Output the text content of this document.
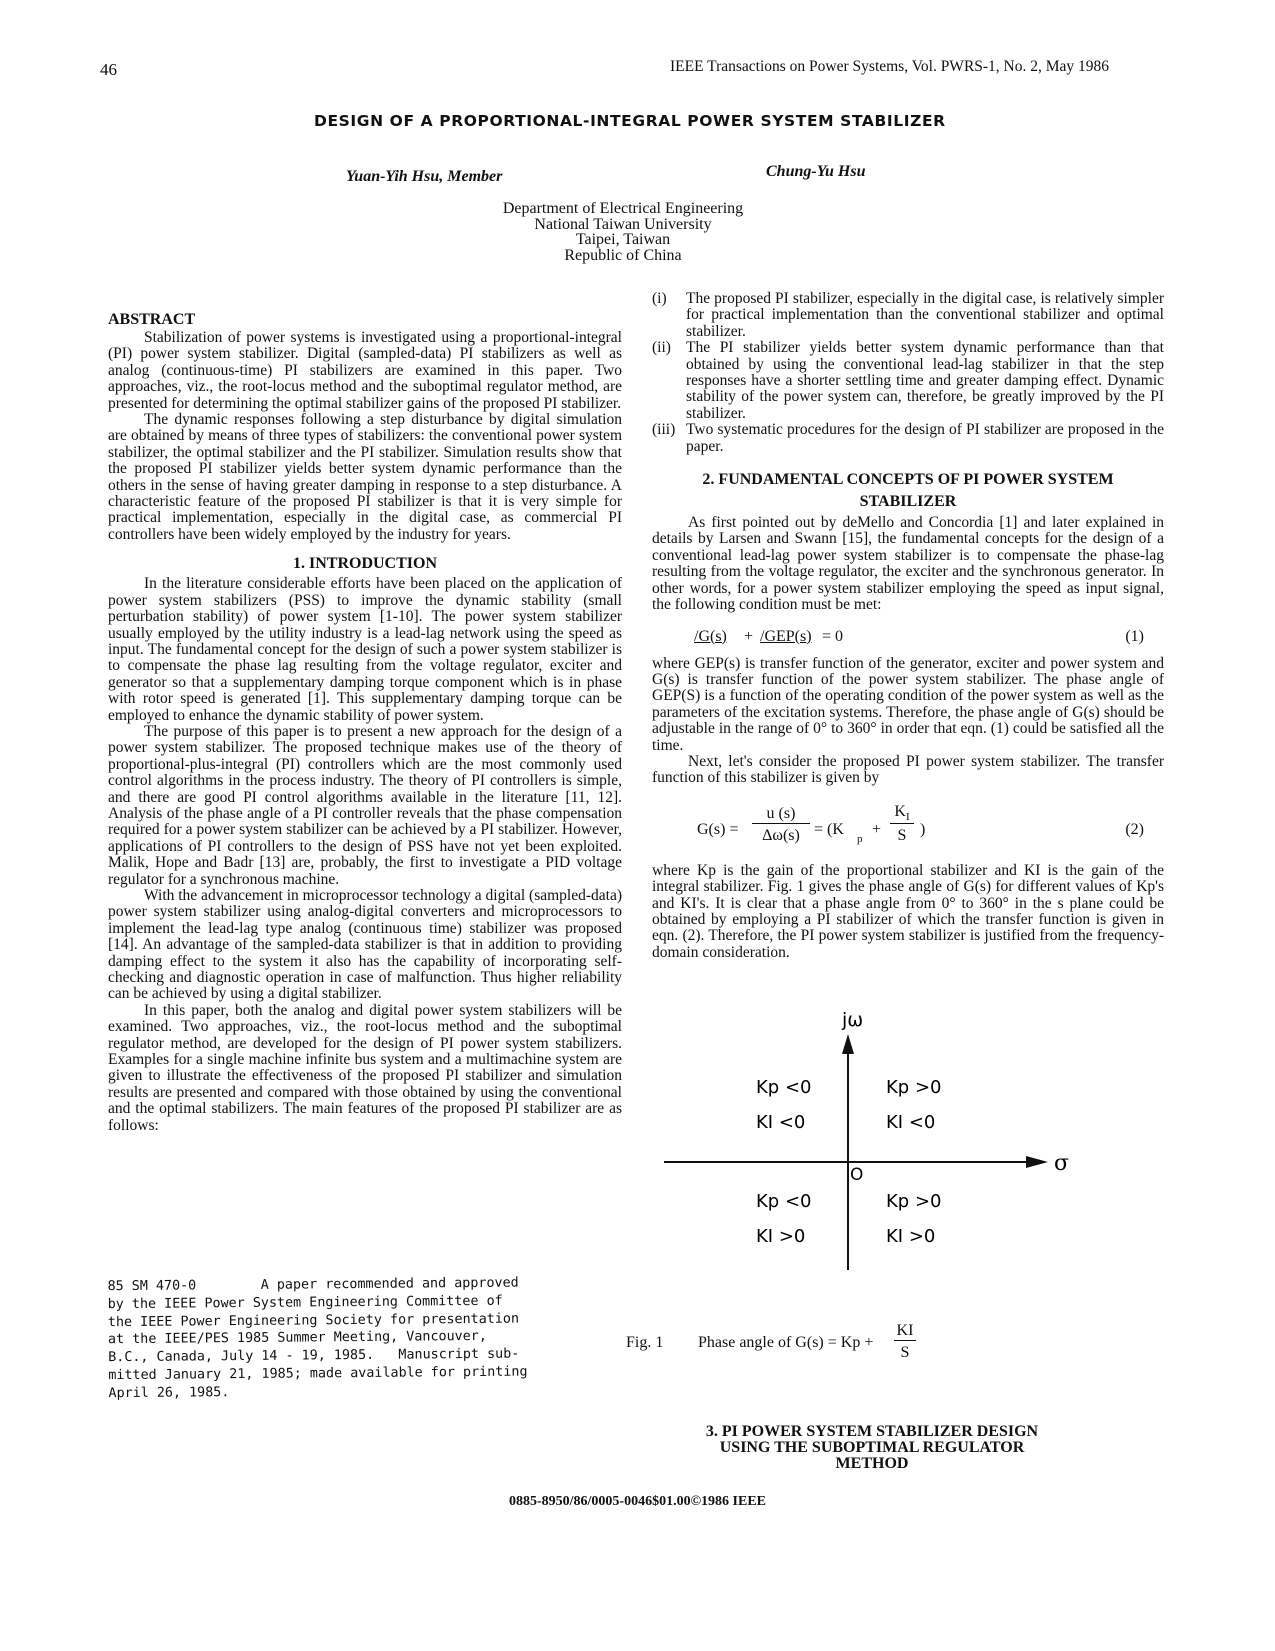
46	IEEE Transactions on Power Systems, Vol. PWRS-1, No. 2, May 1986
DESIGN OF A PROPORTIONAL-INTEGRAL POWER SYSTEM STABILIZER
Yuan-Yih Hsu, Member	Chung-Yu Hsu
Department of Electrical Engineering
National Taiwan University
Taipei, Taiwan
Republic of China
ABSTRACT

Stabilization of power systems is investigated using a proportional-integral (PI) power system stabilizer. Digital (sampled-data) PI stabilizers as well as analog (continuous-time) PI stabilizers are examined in this paper. Two approaches, viz., the root-locus method and the suboptimal regulator method, are presented for determining the optimal stabilizer gains of the proposed PI stabilizer.

The dynamic responses following a step disturbance by digital simulation are obtained by means of three types of stabilizers: the conventional power system stabilizer, the optimal stabilizer and the PI stabilizer. Simulation results show that the proposed PI stabilizer yields better system dynamic performance than the others in the sense of having greater damping in response to a step disturbance. A characteristic feature of the proposed PI stabilizer is that it is very simple for practical implementation, especially in the digital case, as commercial PI controllers have been widely employed by the industry for years.

1. INTRODUCTION

In the literature considerable efforts have been placed on the application of power system stabilizers (PSS) to improve the dynamic stability (small perturbation stability) of power system [1-10]. The power system stabilizer usually employed by the utility industry is a lead-lag network using the speed as input. The fundamental concept for the design of such a power system stabilizer is to compensate the phase lag resulting from the voltage regulator, exciter and generator so that a supplementary damping torque component which is in phase with rotor speed is generated [1]. This supplementary damping torque can be employed to enhance the dynamic stability of power system.

The purpose of this paper is to present a new approach for the design of a power system stabilizer. The proposed technique makes use of the theory of proportional-plus-integral (PI) controllers which are the most commonly used control algorithms in the process industry. The theory of PI controllers is simple, and there are good PI control algorithms available in the literature [11, 12]. Analysis of the phase angle of a PI controller reveals that the phase compensation required for a power system stabilizer can be achieved by a PI stabilizer. However, applications of PI controllers to the design of PSS have not yet been exploited. Malik, Hope and Badr [13] are, probably, the first to investigate a PID voltage regulator for a synchronous machine.

With the advancement in microprocessor technology a digital (sampled-data) power system stabilizer using analog-digital converters and microprocessors to implement the lead-lag type analog (continuous time) stabilizer was proposed [14]. An advantage of the sampled-data stabilizer is that in addition to providing damping effect to the system it also has the capability of incorporating self-checking and diagnostic operation in case of malfunction. Thus higher reliability can be achieved by using a digital stabilizer.

In this paper, both the analog and digital power system stabilizers will be examined. Two approaches, viz., the root-locus method and the suboptimal regulator method, are developed for the design of PI power system stabilizers. Examples for a single machine infinite bus system and a multimachine system are given to illustrate the effectiveness of the proposed PI stabilizer and simulation results are presented and compared with those obtained by using the conventional and the optimal stabilizers. The main features of the proposed PI stabilizer are as follows:

85 SM 470-0        A paper recommended and approved
by the IEEE Power System Engineering Committee of
the IEEE Power Engineering Society for presentation
at the IEEE/PES 1985 Summer Meeting, Vancouver,
B.C., Canada, July 14 - 19, 1985.   Manuscript sub-
mitted January 21, 1985; made available for printing
April 26, 1985.
(i) The proposed PI stabilizer, especially in the digital case, is relatively simpler for practical implementation than the conventional stabilizer and optimal stabilizer.
(ii) The PI stabilizer yields better system dynamic performance than that obtained by using the conventional lead-lag stabilizer in that the step responses have a shorter settling time and greater damping effect. Dynamic stability of the power system can, therefore, be greatly improved by the PI stabilizer.
(iii) Two systematic procedures for the design of PI stabilizer are proposed in the paper.
2. FUNDAMENTAL CONCEPTS OF PI POWER SYSTEM
STABILIZER

As first pointed out by deMello and Concordia [1] and later explained in details by Larsen and Swann [15], the fundamental concepts for the design of a conventional lead-lag power system stabilizer is to compensate the phase-lag resulting from the voltage regulator, the exciter and the synchronous generator. In other words, for a power system stabilizer employing the speed as input signal, the following condition must be met:

/G(s) + /GEP(s) = 0	(1)

where GEP(s) is transfer function of the generator, exciter and power system and G(s) is transfer function of the power system stabilizer. The phase angle of GEP(S) is a function of the operating condition of the power system as well as the parameters of the excitation systems. Therefore, the phase angle of G(s) should be adjustable in the range of 0° to 360° in order that eqn. (1) could be satisfied all the time.

Next, let's consider the proposed PI power system stabilizer. The transfer function of this stabilizer is given by

G(s) =
u (s)
Δω(s) = (K
p
+
$K_I$
S )	(2)

where Kp is the gain of the proportional stabilizer and KI is the gain of the integral stabilizer. Fig. 1 gives the phase angle of G(s) for different values of Kp's and KI's. It is clear that a phase angle from 0° to 360° in the s plane could be obtained by employing a PI stabilizer of which the transfer function is given in eqn. (2). Therefore, the PI power system stabilizer is justified from the frequency-domain consideration.

jω
σ
O
Kp <0
KI <0
Kp >0
KI <0
Kp <0
KI >0
Kp >0
KI >0
Fig. 1 Phase angle of G(s) = Kp +
KI
S
3. PI POWER SYSTEM STABILIZER DESIGN
USING THE SUBOPTIMAL REGULATOR
METHOD
0885-8950/86/0005-0046$01.00©1986 IEEE
